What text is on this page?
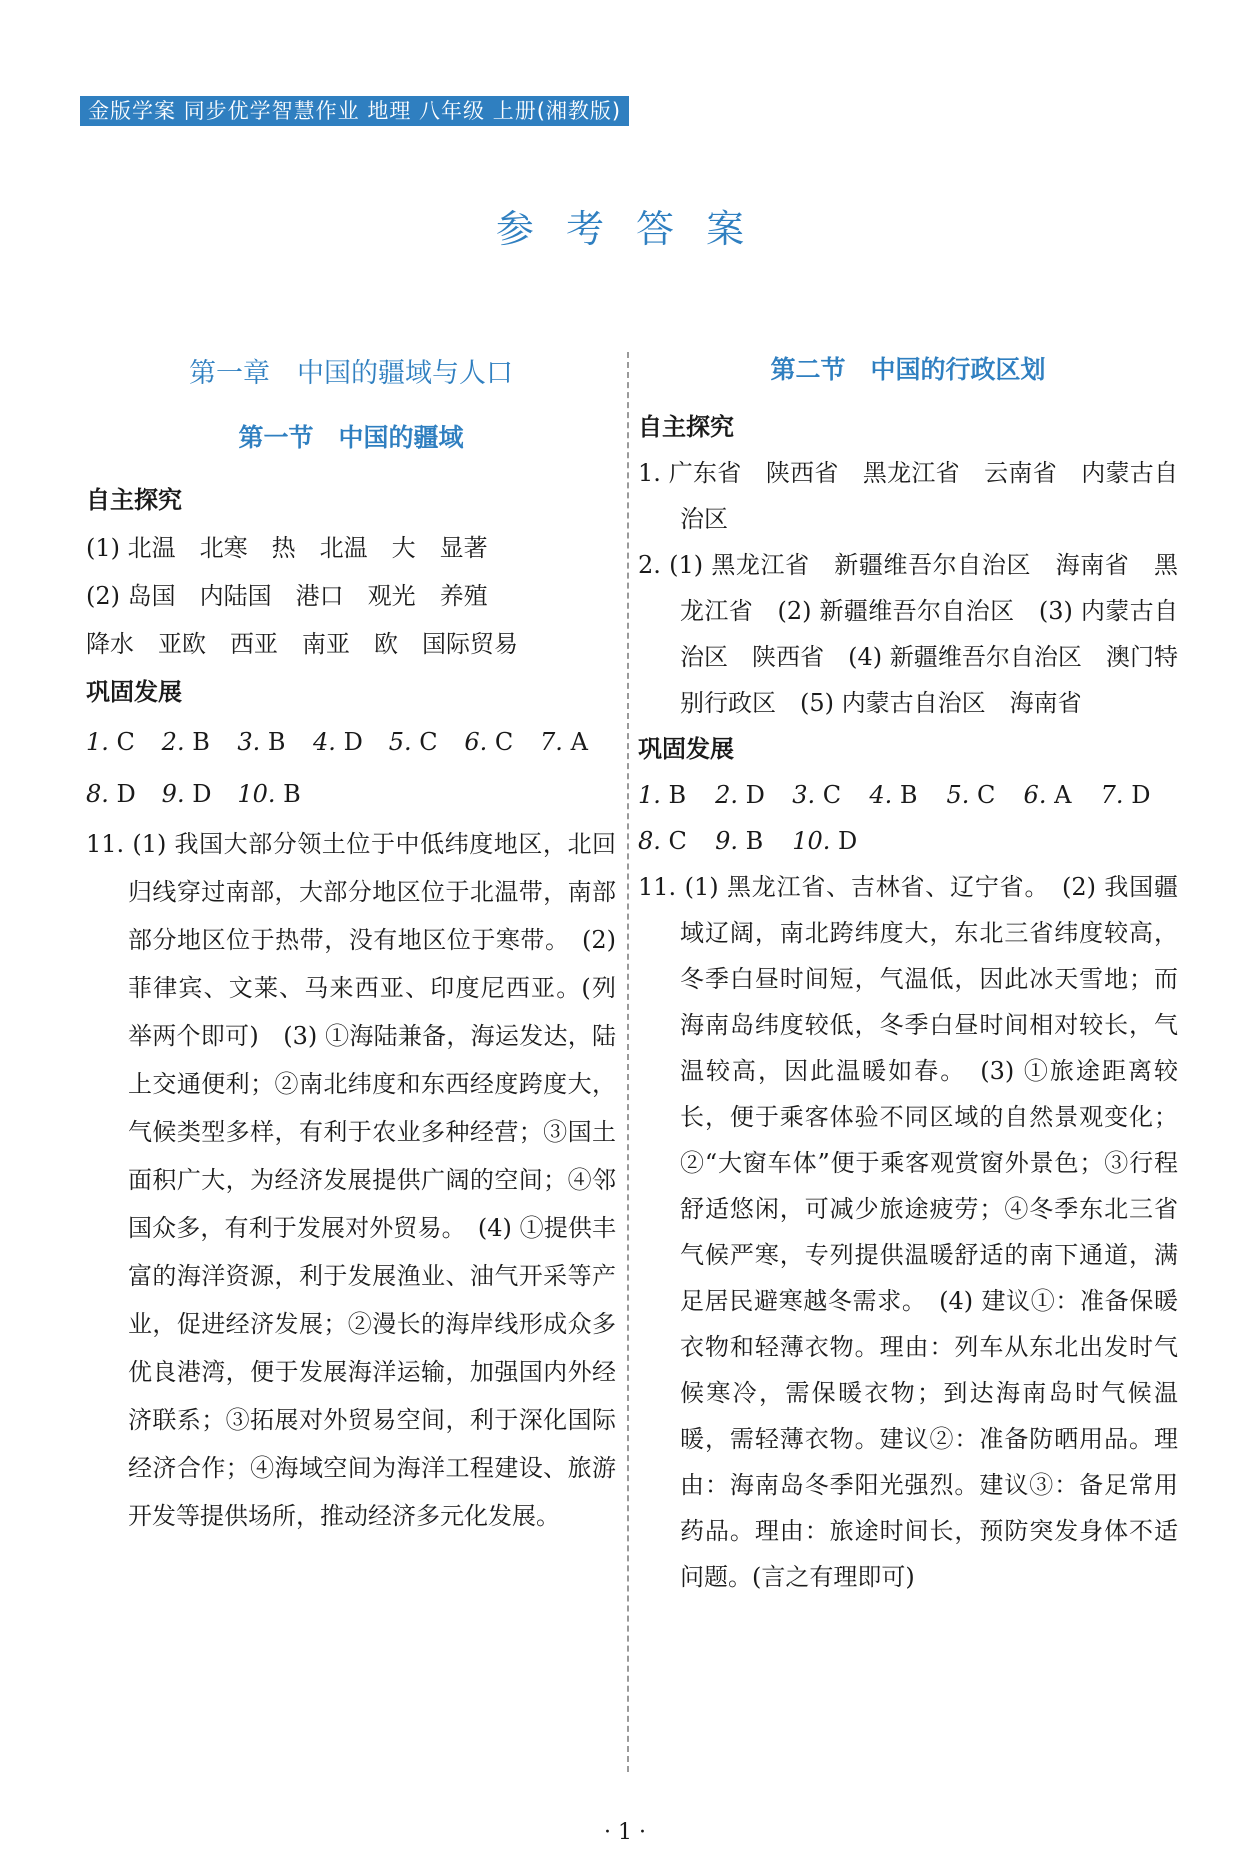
金版学案 同步优学智慧作业 地理 八年级 上册(湘教版)
参 考 答 案
第一章　中国的疆域与人口
第一节　中国的疆域
自主探究

(1) 北温　北寒　热　北温　大　显著

(2) 岛国　内陆国　港口　观光　养殖

降水　亚欧　西亚　南亚　欧　国际贸易

巩固发展
1. C	2. B	3. B	4. D	5. C	6. C	7. A
8. D	9. D	10. B

11. (1) 我国大部分领土位于中低纬度地区，北回归线穿过南部，大部分地区位于北温带，南部部分地区位于热带，没有地区位于寒带。　(2) 菲律宾、文莱、马来西亚、印度尼西亚。(列举两个即可)　(3) ①海陆兼备，海运发达，陆上交通便利；②南北纬度和东西经度跨度大，气候类型多样，有利于农业多种经营；③国土面积广大，为经济发展提供广阔的空间；④邻国众多，有利于发展对外贸易。　(4) ①提供丰富的海洋资源，利于发展渔业、油气开采等产业，促进经济发展；②漫长的海岸线形成众多优良港湾，便于发展海洋运输，加强国内外经济联系；③拓展对外贸易空间，利于深化国际经济合作；④海域空间为海洋工程建设、旅游开发等提供场所，推动经济多元化发展。

第二节　中国的行政区划
自主探究

1. 广东省　陕西省　黑龙江省　云南省　内蒙古自治区

2. (1) 黑龙江省　新疆维吾尔自治区　海南省　黑龙江省　(2) 新疆维吾尔自治区　(3) 内蒙古自治区　陕西省　(4) 新疆维吾尔自治区　澳门特别行政区　(5) 内蒙古自治区　海南省

巩固发展
1. B	2. D	3. C	4. B	5. C	6. A	7. D
8. C	9. B	10. D

11. (1) 黑龙江省、吉林省、辽宁省。　(2) 我国疆域辽阔，南北跨纬度大，东北三省纬度较高，冬季白昼时间短，气温低，因此冰天雪地；而海南岛纬度较低，冬季白昼时间相对较长，气温较高，因此温暖如春。　(3) ①旅途距离较长，便于乘客体验不同区域的自然景观变化；②“大窗车体”便于乘客观赏窗外景色；③行程舒适悠闲，可减少旅途疲劳；④冬季东北三省气候严寒，专列提供温暖舒适的南下通道，满足居民避寒越冬需求。　(4) 建议①：准备保暖衣物和轻薄衣物。理由：列车从东北出发时气候寒冷，需保暖衣物；到达海南岛时气候温暖，需轻薄衣物。建议②：准备防晒用品。理由：海南岛冬季阳光强烈。建议③：备足常用药品。理由：旅途时间长，预防突发身体不适问题。(言之有理即可)

· 1 ·
